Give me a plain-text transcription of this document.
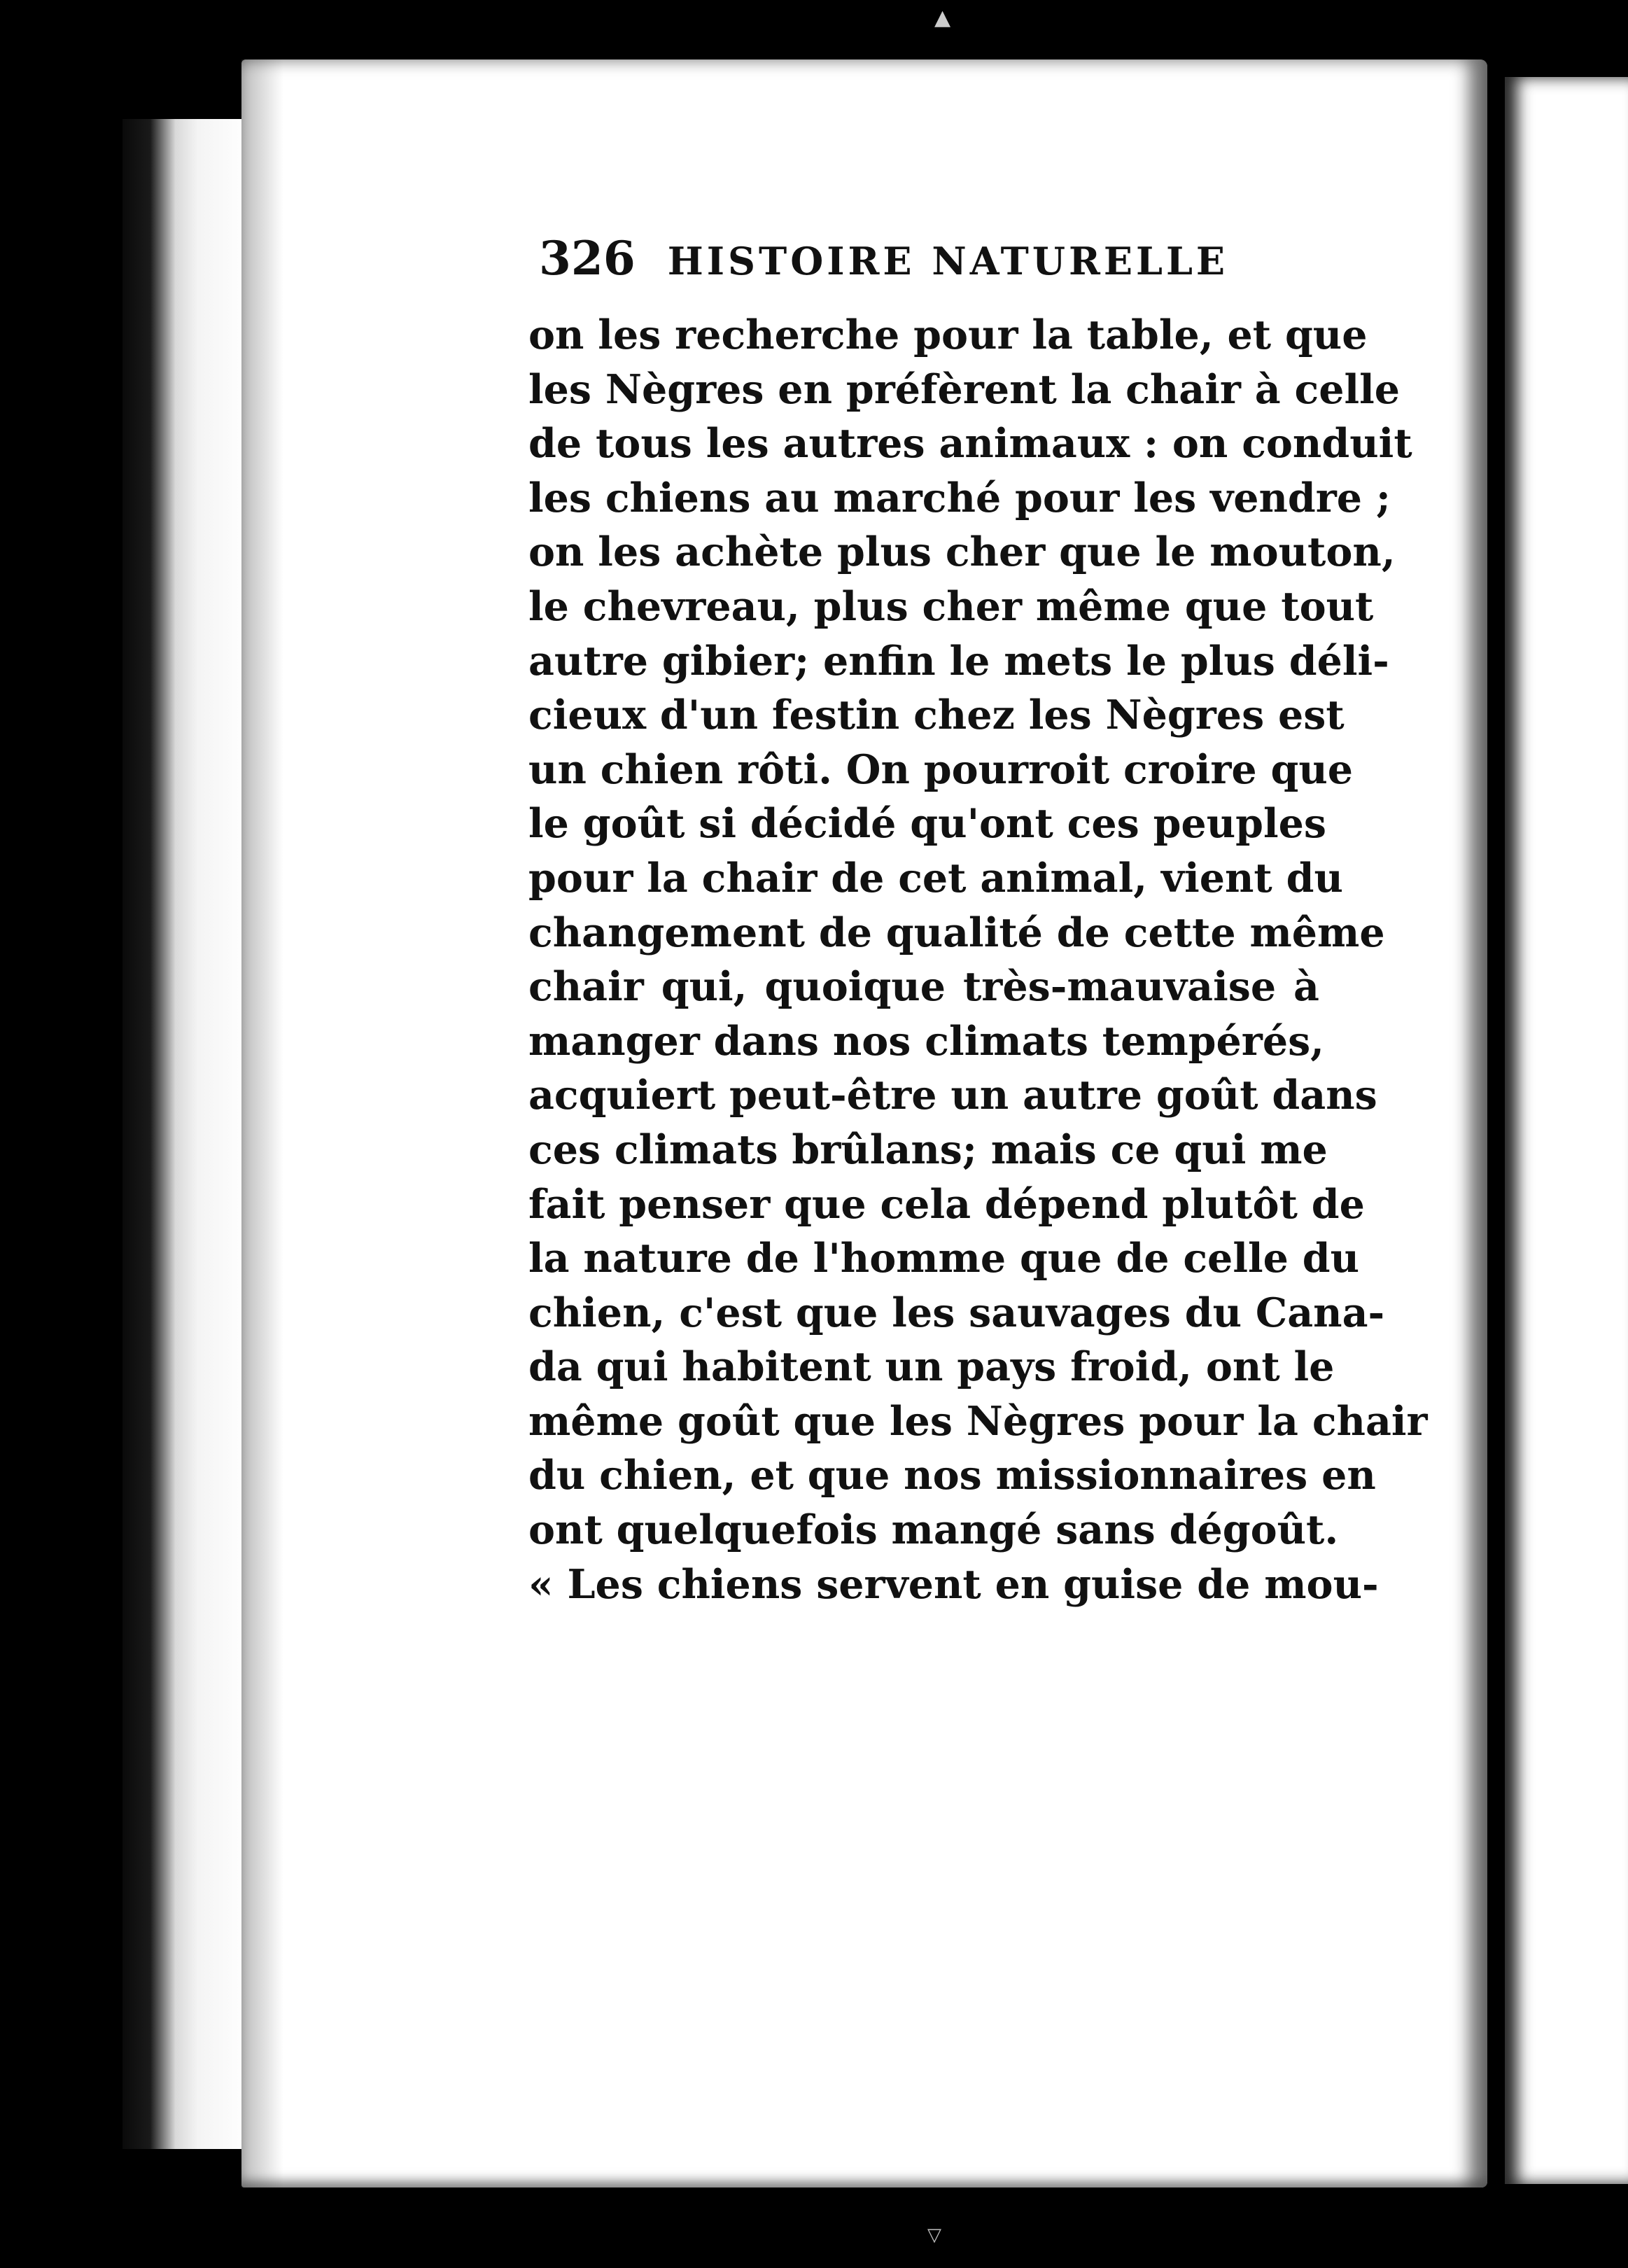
▲
326 HISTOIRE NATURELLE
on les recherche pour la table, et que
les Nègres en préfèrent la chair à celle
de tous les autres animaux : on conduit
les chiens au marché pour les vendre ;
on les achète plus cher que le mouton,
le chevreau, plus cher même que tout
autre gibier; enfin le mets le plus déli-
cieux d'un festin chez les Nègres est
un chien rôti. On pourroit croire que
le goût si décidé qu'ont ces peuples
pour la chair de cet animal, vient du
changement de qualité de cette même
chair qui, quoique très-mauvaise à
manger dans nos climats tempérés,
acquiert peut-être un autre goût dans
ces climats brûlans; mais ce qui me
fait penser que cela dépend plutôt de
la nature de l'homme que de celle du
chien, c'est que les sauvages du Cana-
da qui habitent un pays froid, ont le
même goût que les Nègres pour la chair
du chien, et que nos missionnaires en
ont quelquefois mangé sans dégoût.
« Les chiens servent en guise de mou-
▽
